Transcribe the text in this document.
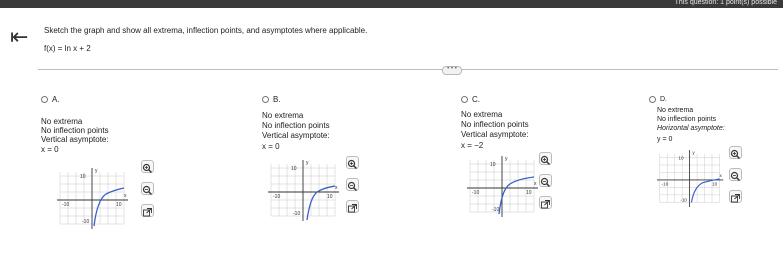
This question: 1 point(s) possible
⇤ Sketch the graph and show all extrema, inflection points, and asymptotes where applicable.
f(x) = ln x + 2
• • •
A.
No extrema
No inflection points
Vertical asymptote:
x = 0
10
10
-10
-10
x
y
B.
No extrema
No inflection points
Vertical asymptote:
x = 0
10
10
-10
-10
x
y
C.
No extrema
No inflection points
Vertical asymptote:
x = −2
10
10
-10
-10
x
y
D.
No extrema
No inflection points
Horizontal asymptote:
y = 0
10
10
-10
-10
x
y
